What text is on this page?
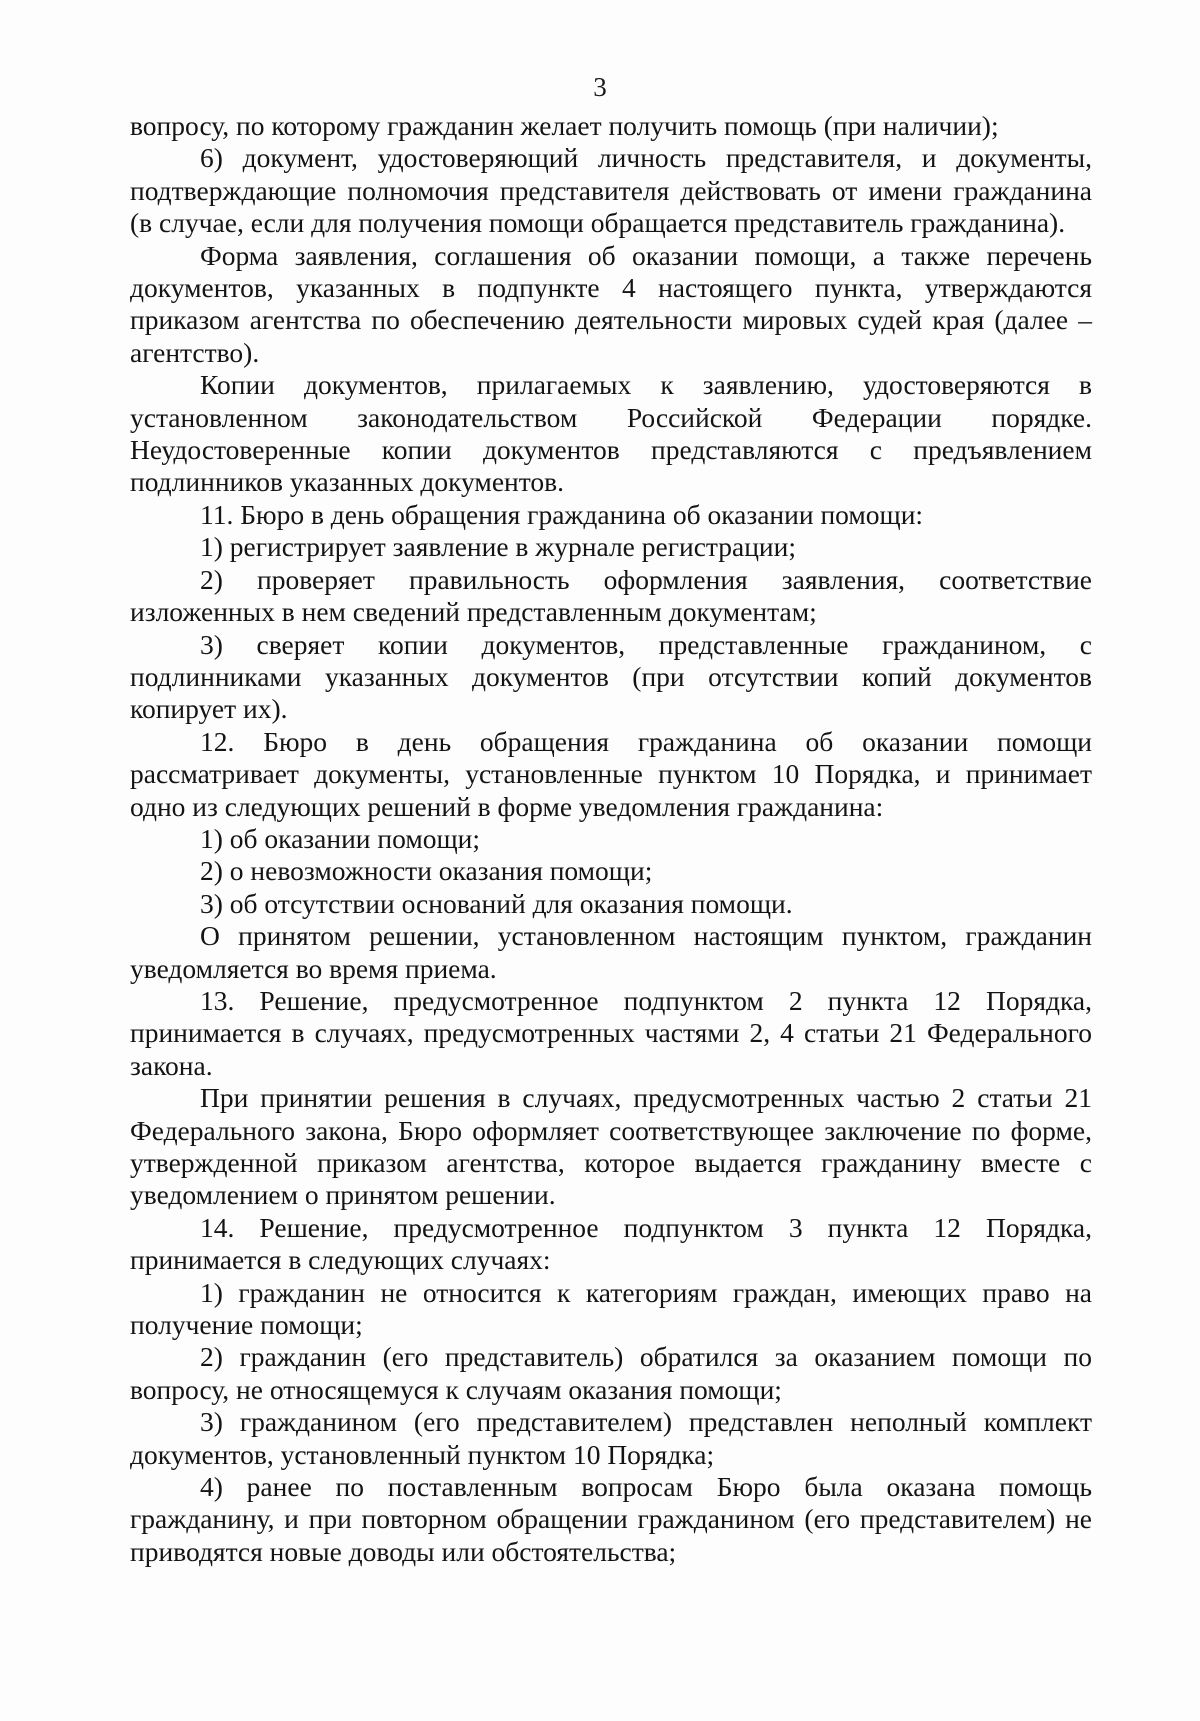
3

вопросу, по которому гражданин желает получить помощь (при наличии);

6) документ, удостоверяющий личность представителя, и документы, подтверждающие полномочия представителя действовать от имени гражданина (в случае, если для получения помощи обращается представитель гражданина).

Форма заявления, соглашения об оказании помощи, а также перечень документов, указанных в подпункте 4 настоящего пункта, утверждаются приказом агентства по обеспечению деятельности мировых судей края (далее – агентство).

Копии документов, прилагаемых к заявлению, удостоверяются в установленном законодательством Российской Федерации порядке. Неудостоверенные копии документов представляются с предъявлением подлинников указанных документов.

11. Бюро в день обращения гражданина об оказании помощи:

1) регистрирует заявление в журнале регистрации;

2) проверяет правильность оформления заявления, соответствие изложенных в нем сведений представленным документам;

3) сверяет копии документов, представленные гражданином, с подлинниками указанных документов (при отсутствии копий документов копирует их).

12. Бюро в день обращения гражданина об оказании помощи рассматривает документы, установленные пунктом 10 Порядка, и принимает одно из следующих решений в форме уведомления гражданина:

1) об оказании помощи;

2) о невозможности оказания помощи;

3) об отсутствии оснований для оказания помощи.

О принятом решении, установленном настоящим пунктом, гражданин уведомляется во время приема.

13. Решение, предусмотренное подпунктом 2 пункта 12 Порядка, принимается в случаях, предусмотренных частями 2, 4 статьи 21 Федерального закона.

При принятии решения в случаях, предусмотренных частью 2 статьи 21 Федерального закона, Бюро оформляет соответствующее заключение по форме, утвержденной приказом агентства, которое выдается гражданину вместе с уведомлением о принятом решении.

14. Решение, предусмотренное подпунктом 3 пункта 12 Порядка, принимается в следующих случаях:

1) гражданин не относится к категориям граждан, имеющих право на получение помощи;

2) гражданин (его представитель) обратился за оказанием помощи по вопросу, не относящемуся к случаям оказания помощи;

3) гражданином (его представителем) представлен неполный комплект документов, установленный пунктом 10 Порядка;

4) ранее по поставленным вопросам Бюро была оказана помощь гражданину, и при повторном обращении гражданином (его представителем) не приводятся новые доводы или обстоятельства;
